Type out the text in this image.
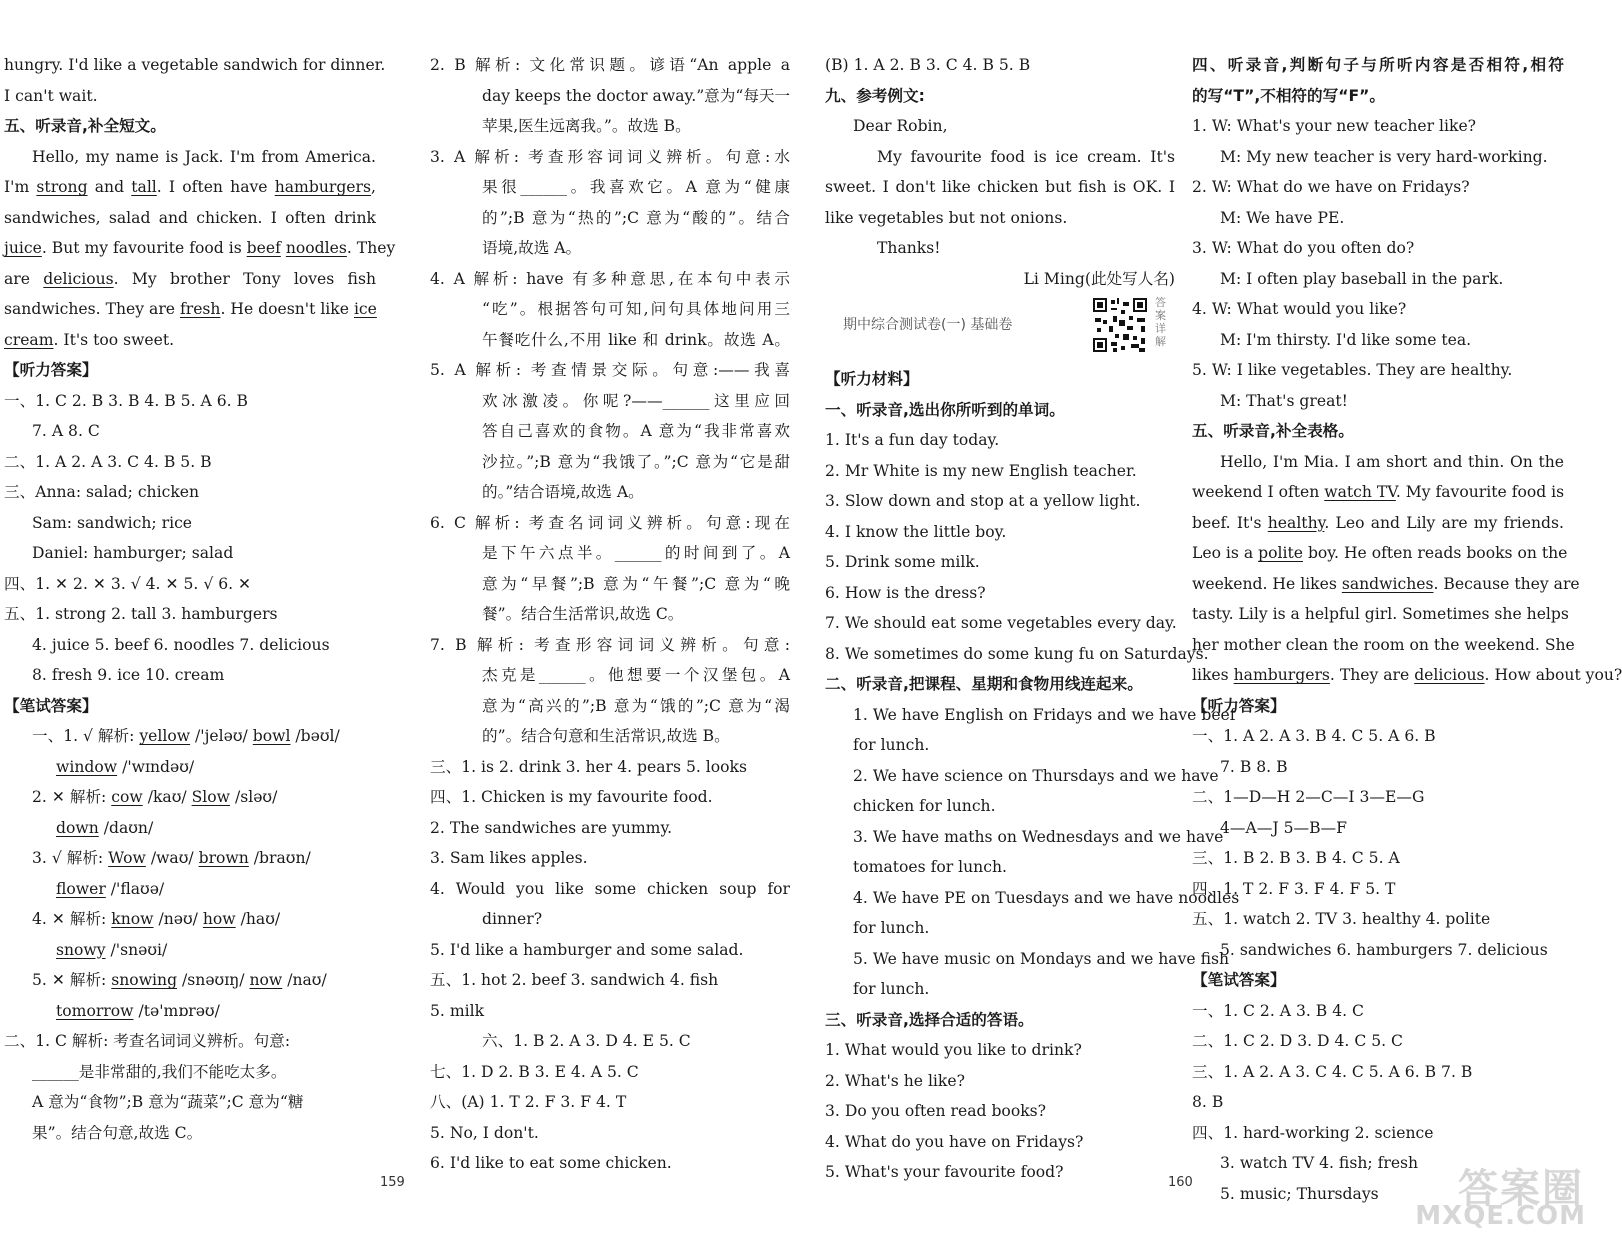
hungry. I'd like a vegetable sandwich for dinner.
I can't wait.
五、听录音,补全短文。
Hello, my name is Jack. I'm from America.
I'm strong and tall. I often have hamburgers,
sandwiches, salad and chicken. I often drink
juice. But my favourite food is beef noodles. They
are delicious. My brother Tony loves fish
sandwiches. They are fresh. He doesn't like ice
cream. It's too sweet.
【听力答案】
一、1. C 2. B 3. B 4. B 5. A 6. B
7. A 8. C
二、1. A 2. A 3. C 4. B 5. B
三、Anna: salad; chicken
Sam: sandwich; rice
Daniel: hamburger; salad
四、1. ✕ 2. ✕ 3. √ 4. ✕ 5. √ 6. ✕
五、1. strong 2. tall 3. hamburgers
4. juice 5. beef 6. noodles 7. delicious
8. fresh 9. ice 10. cream
【笔试答案】
一、1. √ 解析: yellow /'jeləʊ/ bowl /bəʊl/
window /'wɪndəʊ/
2. ✕ 解析: cow /kaʊ/ Slow /sləʊ/
down /daʊn/
3. √ 解析: Wow /waʊ/ brown /braʊn/
flower /'flaʊə/
4. ✕ 解析: know /nəʊ/ how /haʊ/
snowy /'snəʊi/
5. ✕ 解析: snowing /snəʊɪŋ/ now /naʊ/
tomorrow /tə'mɒrəʊ/
二、1. C 解析: 考查名词词义辨析。句意:
______是非常甜的,我们不能吃太多。
A 意为“食物”;B 意为“蔬菜”;C 意为“糖
果”。结合句意,故选 C。
2. B 解析: 文化常识题。谚语“An apple a
day keeps the doctor away.”意为“每天一
苹果,医生远离我。”。故选 B。
3. A 解析: 考查形容词词义辨析。句意:水
果很______。我喜欢它。A 意为“健康
的”;B 意为“热的”;C 意为“酸的”。结合
语境,故选 A。
4. A 解析: have 有多种意思,在本句中表示
“吃”。根据答句可知,问句具体地问用三
午餐吃什么,不用 like 和 drink。故选 A。
5. A 解析: 考查情景交际。句意:——我喜
欢冰激凌。你呢?——______这里应回
答自己喜欢的食物。A 意为“我非常喜欢
沙拉。”;B 意为“我饿了。”;C 意为“它是甜
的。”结合语境,故选 A。
6. C 解析: 考查名词词义辨析。句意:现在
是下午六点半。______的时间到了。A
意为“早餐”;B 意为“午餐”;C 意为“晚
餐”。结合生活常识,故选 C。
7. B 解析: 考查形容词词义辨析。句意:
杰克是______。他想要一个汉堡包。A
意为“高兴的”;B 意为“饿的”;C 意为“渴
的”。结合句意和生活常识,故选 B。
三、1. is 2. drink 3. her 4. pears 5. looks
四、1. Chicken is my favourite food.
2. The sandwiches are yummy.
3. Sam likes apples.
4. Would you like some chicken soup for
dinner?
5. I'd like a hamburger and some salad.
五、1. hot 2. beef 3. sandwich 4. fish
5. milk
六、1. B 2. A 3. D 4. E 5. C
七、1. D 2. B 3. E 4. A 5. C
八、(A) 1. T 2. F 3. F 4. T
5. No, I don't.
6. I'd like to eat some chicken.
(B) 1. A 2. B 3. C 4. B 5. B
九、参考例文:
Dear Robin,
My favourite food is ice cream. It's
sweet. I don't like chicken but fish is OK. I
like vegetables but not onions.
Thanks!
Li Ming(此处写人名)
期中综合测试卷(一) 基础卷
答案详解
【听力材料】
一、听录音,选出你所听到的单词。
1. It's a fun day today.
2. Mr White is my new English teacher.
3. Slow down and stop at a yellow light.
4. I know the little boy.
5. Drink some milk.
6. How is the dress?
7. We should eat some vegetables every day.
8. We sometimes do some kung fu on Saturdays.
二、听录音,把课程、星期和食物用线连起来。
1. We have English on Fridays and we have beef
for lunch.
2. We have science on Thursdays and we have
chicken for lunch.
3. We have maths on Wednesdays and we have
tomatoes for lunch.
4. We have PE on Tuesdays and we have noodles
for lunch.
5. We have music on Mondays and we have fish
for lunch.
三、听录音,选择合适的答语。
1. What would you like to drink?
2. What's he like?
3. Do you often read books?
4. What do you have on Fridays?
5. What's your favourite food?
四、听录音,判断句子与所听内容是否相符,相符
的写“T”,不相符的写“F”。
1. W: What's your new teacher like?
M: My new teacher is very hard-working.
2. W: What do we have on Fridays?
M: We have PE.
3. W: What do you often do?
M: I often play baseball in the park.
4. W: What would you like?
M: I'm thirsty. I'd like some tea.
5. W: I like vegetables. They are healthy.
M: That's great!
五、听录音,补全表格。
Hello, I'm Mia. I am short and thin. On the
weekend I often watch TV. My favourite food is
beef. It's healthy. Leo and Lily are my friends.
Leo is a polite boy. He often reads books on the
weekend. He likes sandwiches. Because they are
tasty. Lily is a helpful girl. Sometimes she helps
her mother clean the room on the weekend. She
likes hamburgers. They are delicious. How about you?
【听力答案】
一、1. A 2. A 3. B 4. C 5. A 6. B
7. B 8. B
二、1—D—H 2—C—I 3—E—G
4—A—J 5—B—F
三、1. B 2. B 3. B 4. C 5. A
四、1. T 2. F 3. F 4. F 5. T
五、1. watch 2. TV 3. healthy 4. polite
5. sandwiches 6. hamburgers 7. delicious
【笔试答案】
一、1. C 2. A 3. B 4. C
二、1. C 2. D 3. D 4. C 5. C
三、1. A 2. A 3. C 4. C 5. A 6. B 7. B
8. B
四、1. hard-working 2. science
3. watch TV 4. fish; fresh
5. music; Thursdays
159	160	答案圈
MXQE.COM
